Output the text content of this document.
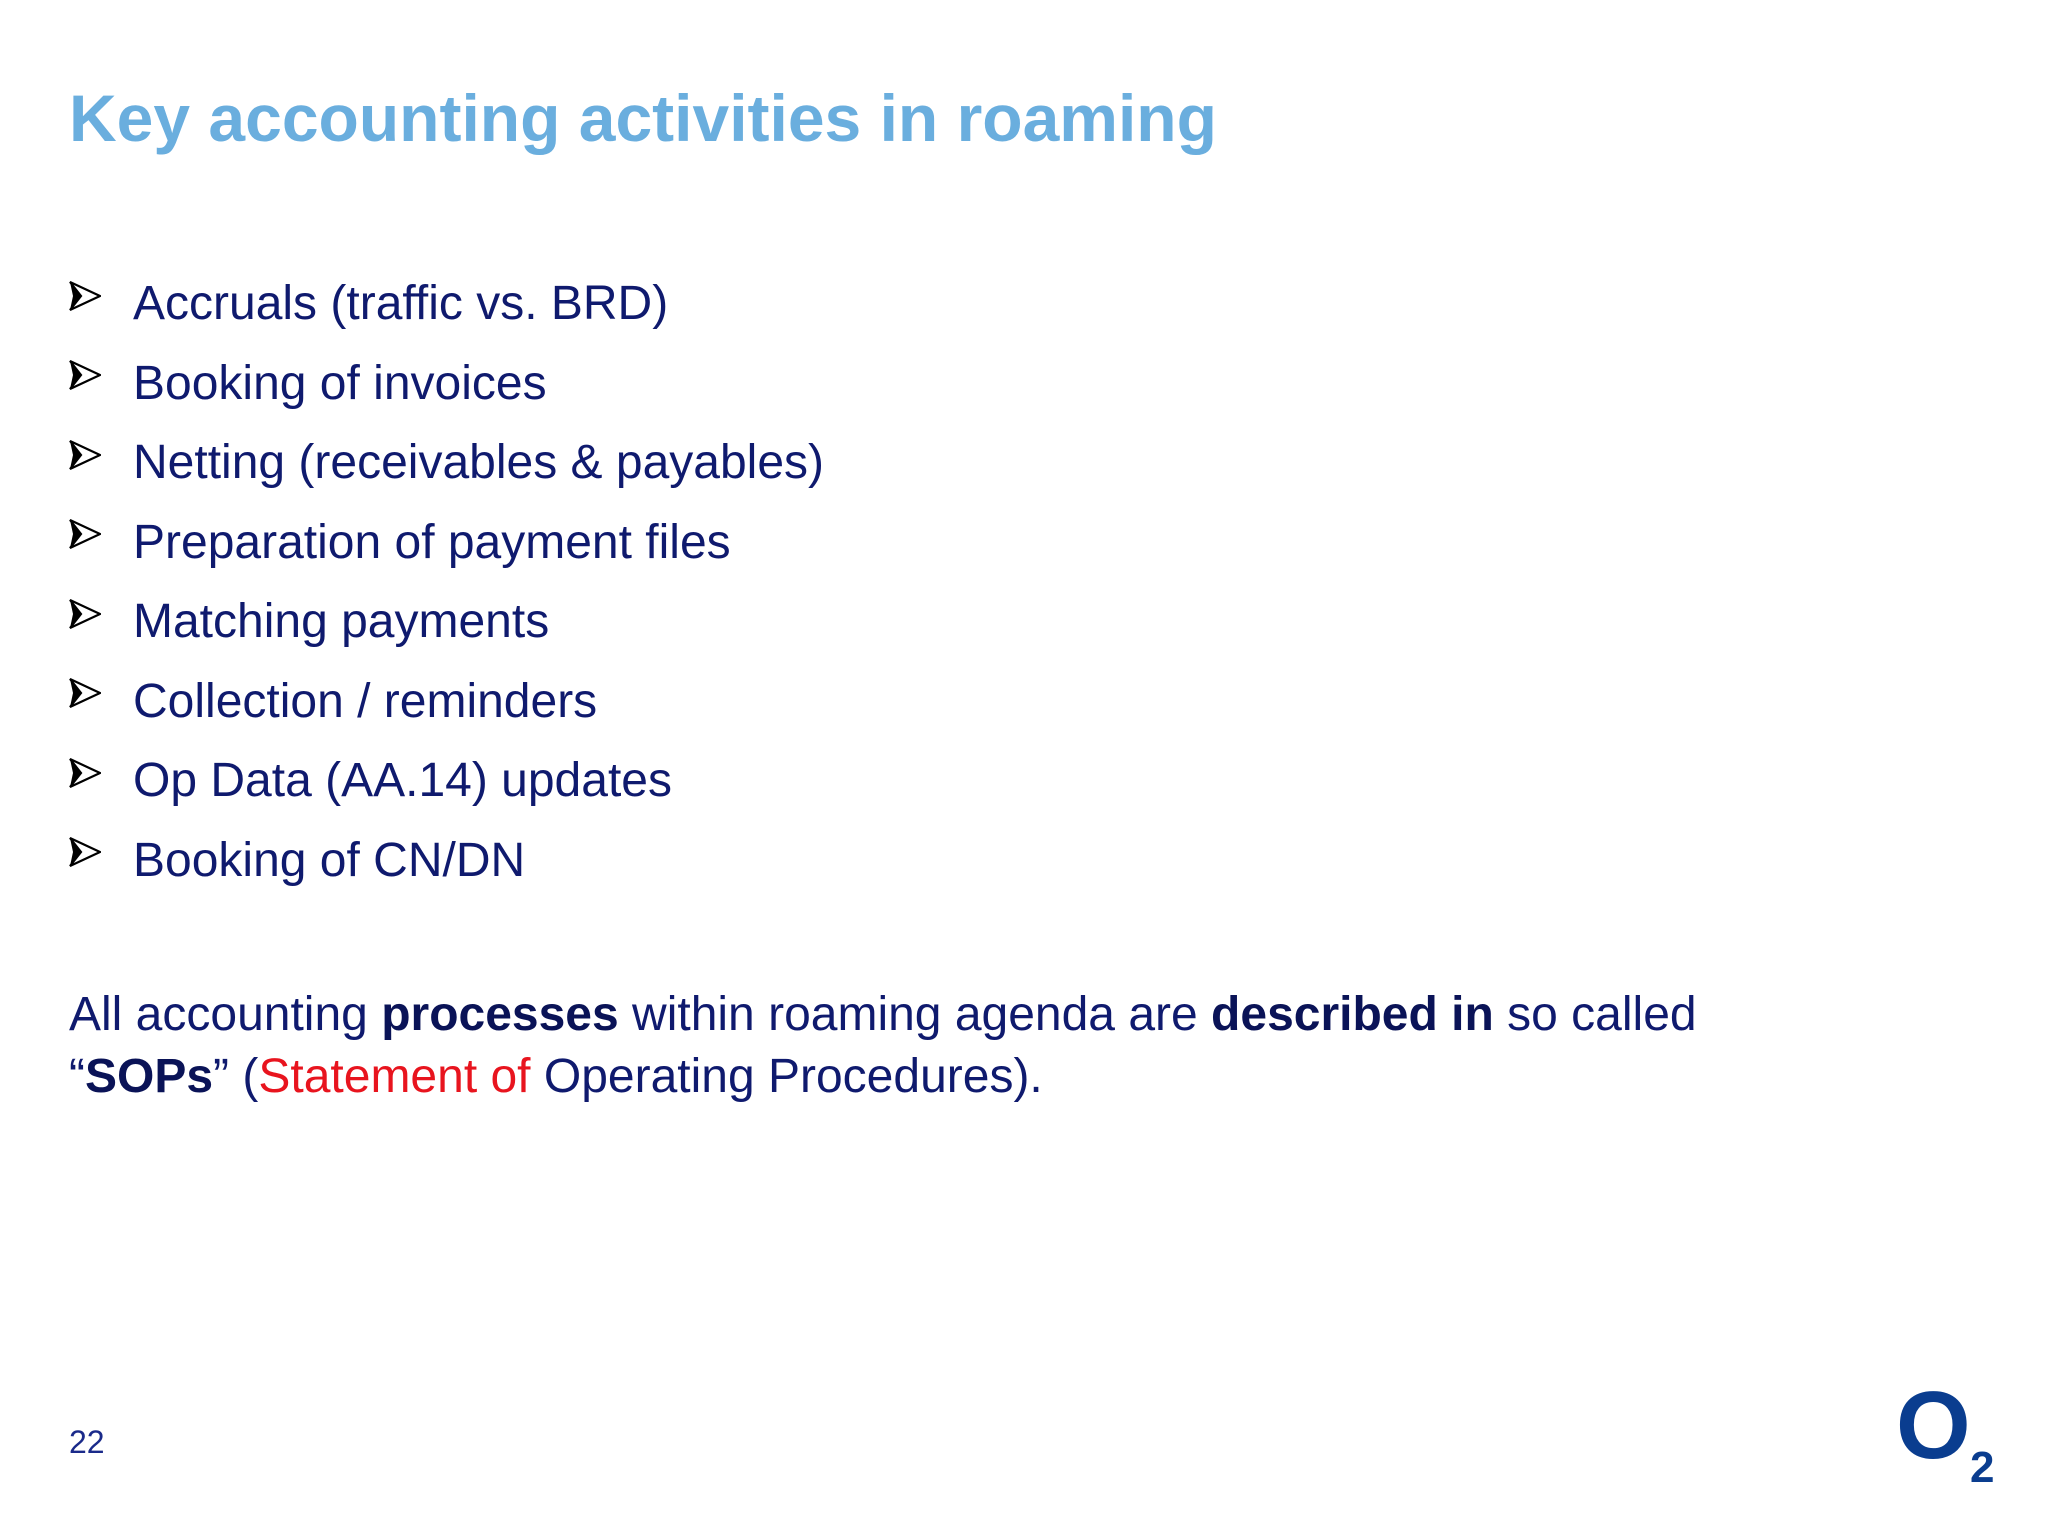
Key accounting activities in roaming
Accruals (traffic vs. BRD)
Booking of invoices
Netting (receivables & payables)
Preparation of payment files
Matching payments
Collection / reminders
Op Data (AA.14) updates
Booking of CN/DN

All accounting processes within roaming agenda are described in so called
“SOPs” (Statement of Operating Procedures).

22	O 2
